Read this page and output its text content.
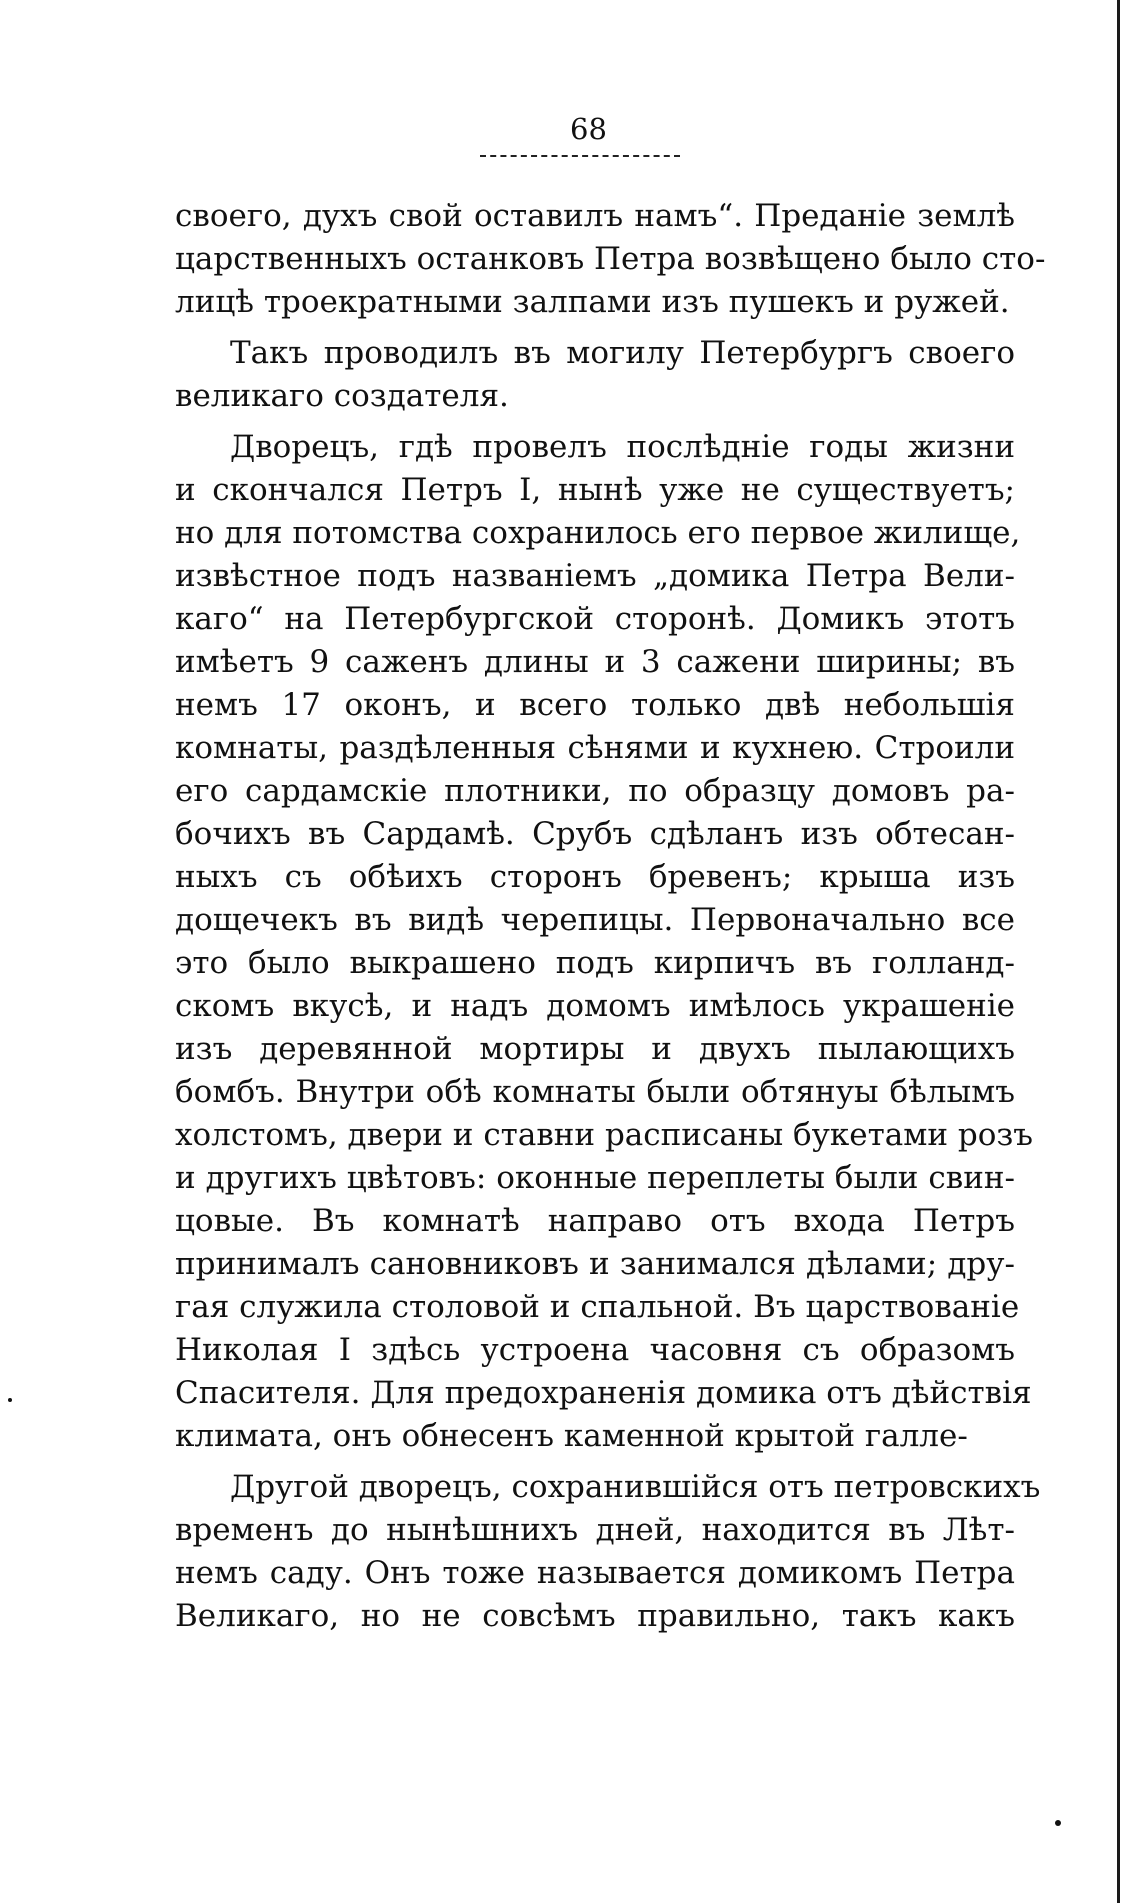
68
своего, духъ свой оставилъ намъ“. Преданіе землѣ
царственныхъ останковъ Петра возвѣщено было сто-
лицѣ троекратными залпами изъ пушекъ и ружей.
Такъ проводилъ въ могилу Петербургъ своего
великаго создателя.
Дворецъ, гдѣ провелъ послѣдніе годы жизни
и скончался Петръ I, нынѣ уже не существуетъ;
но для потомства сохранилось его первое жилище,
извѣстное подъ названіемъ „домика Петра Вели-
каго“ на Петербургской сторонѣ. Домикъ этотъ
имѣетъ 9 саженъ длины и 3 сажени ширины; въ
немъ 17 оконъ, и всего только двѣ небольшія
комнаты, раздѣленныя сѣнями и кухнею. Строили
его сардамскіе плотники, по образцу домовъ ра-
бочихъ въ Сардамѣ. Срубъ сдѣланъ изъ обтесан-
ныхъ съ обѣихъ сторонъ бревенъ; крыша изъ
дощечекъ въ видѣ черепицы. Первоначально все
это было выкрашено подъ кирпичъ въ голланд-
скомъ вкусѣ, и надъ домомъ имѣлось украшеніе
изъ деревянной мортиры и двухъ пылающихъ
бомбъ. Внутри обѣ комнаты были обтянуы бѣлымъ
холстомъ, двери и ставни расписаны букетами розъ
и другихъ цвѣтовъ: оконные переплеты были свин-
цовые. Въ комнатѣ направо отъ входа Петръ
принималъ сановниковъ и занимался дѣлами; дру-
гая служила столовой и спальной. Въ царствованіе
Николая I здѣсь устроена часовня съ образомъ
Спасителя. Для предохраненія домика отъ дѣйствія
климата, онъ обнесенъ каменной крытой галле-
Другой дворецъ, сохранившійся отъ петровскихъ
временъ до нынѣшнихъ дней, находится въ Лѣт-
немъ саду. Онъ тоже называется домикомъ Петра
Великаго, но не совсѣмъ правильно, такъ какъ
